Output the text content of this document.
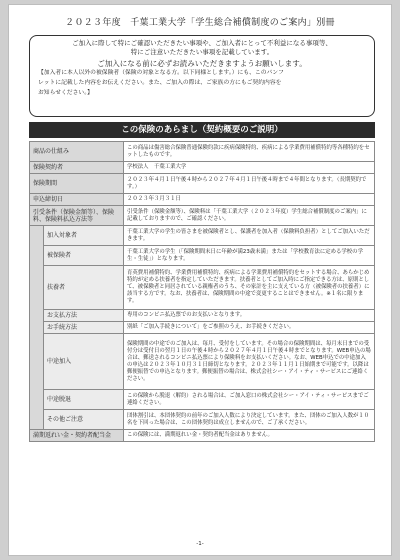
２０２３年度　千葉工業大学「学生総合補償制度のご案内」別冊

ご加入に際して特にご確認いただきたい事項や、ご加入者にとって不利益になる事項等、

特にご注意いただきたい事項を記載しています。

ご加入になる前に必ずお読みいただきますようお願いします。

【加入者に本人以外の被保険者（保険の対象となる方。以下同様とします。）にも、このパンフ

レットに記載した内容をお伝えください。また、ご加入の際は、ご家族の方にもご契約内容を

お知らせください。】

この保険のあらまし（契約概要のご説明）
商品の仕組み		この商品は傷害総合保険普通保険約款に疾病保険特約、疾病による学業費用補償特約等各種特約をセットしたものです。
保険契約者		学校法人　千葉工業大学
保険期間		２０２３年４月１日午後４時から２０２７年４月１日午後４時まで４年間となります。（長期契約です。）
申込締切日		２０２３年３月３１日
引受条件（保険金額等）、保険料、保険料払込方法等		引受条件（保険金額等）、保険料は「千葉工業大学（２０２３年度）学生総合補償制度のご案内」に記載しておりますので、ご確認ください。
	加入対象者	千葉工業大学の学生の皆さまを被保険者とし、保護者を加入者（保険料負担者）としてご加入いただきます。
	被保険者	千葉工業大学の学生（「保険期間末日に年齢が満23歳未満」または「学校教育法に定める学校の学生・生徒」）となります。
	扶養者	育英費用補償特約、学業費用補償特約、疾病による学業費用補償特約をセットする場合、あらかじめ特約が定める扶養者を指定していただきます。扶養者としてご加入時にご指定できる方は、原則として、被保険者と同居されている親権者のうち、その家計を主に支えている方（被保険者の扶養者）に該当する方です。なお、扶養者は、保険期間の中途で変更することはできません。※１名に限ります。
	お支払方法	専用のコンビニ払込票でのお支払いとなります。
	お手続方法	別紙「ご加入手続きについて」をご参照のうえ、お手続きください。
	中途加入	保険期間の中途でのご加入は、毎月、受付をしています。その場合の保険期間は、毎月末日までの受付分は受付日の翌月１日の午後４時から２０２７年４月１日午後４時までとなります。WEB申込の場合は、郵送されるコンビニ払込票により保険料をお支払いください。なお、WEB申込での中途加入の申込は２０２３年１０月３１日締切となります。２０２３年１１月１日始期まで可能です。以降は郵便振替での申込となります。郵便振替の場合は、株式会社シー・アイ・ティ・サービスにご連絡ください。
	中途脱退	この保険から脱退（解約）される場合は、ご加入窓口の株式会社シー・アイ・ティ・サービスまでご連絡ください。
	その他ご注意	団体割引は、本団体契約の前年のご加入人数により決定しています。また、団体のご加入人数が１０名を下回った場合は、この団体契約は成立しませんので、ご了承ください。
満期返れい金・契約者配当金		この保険には、満期返れい金・契約者配当金はありません。
-1-
